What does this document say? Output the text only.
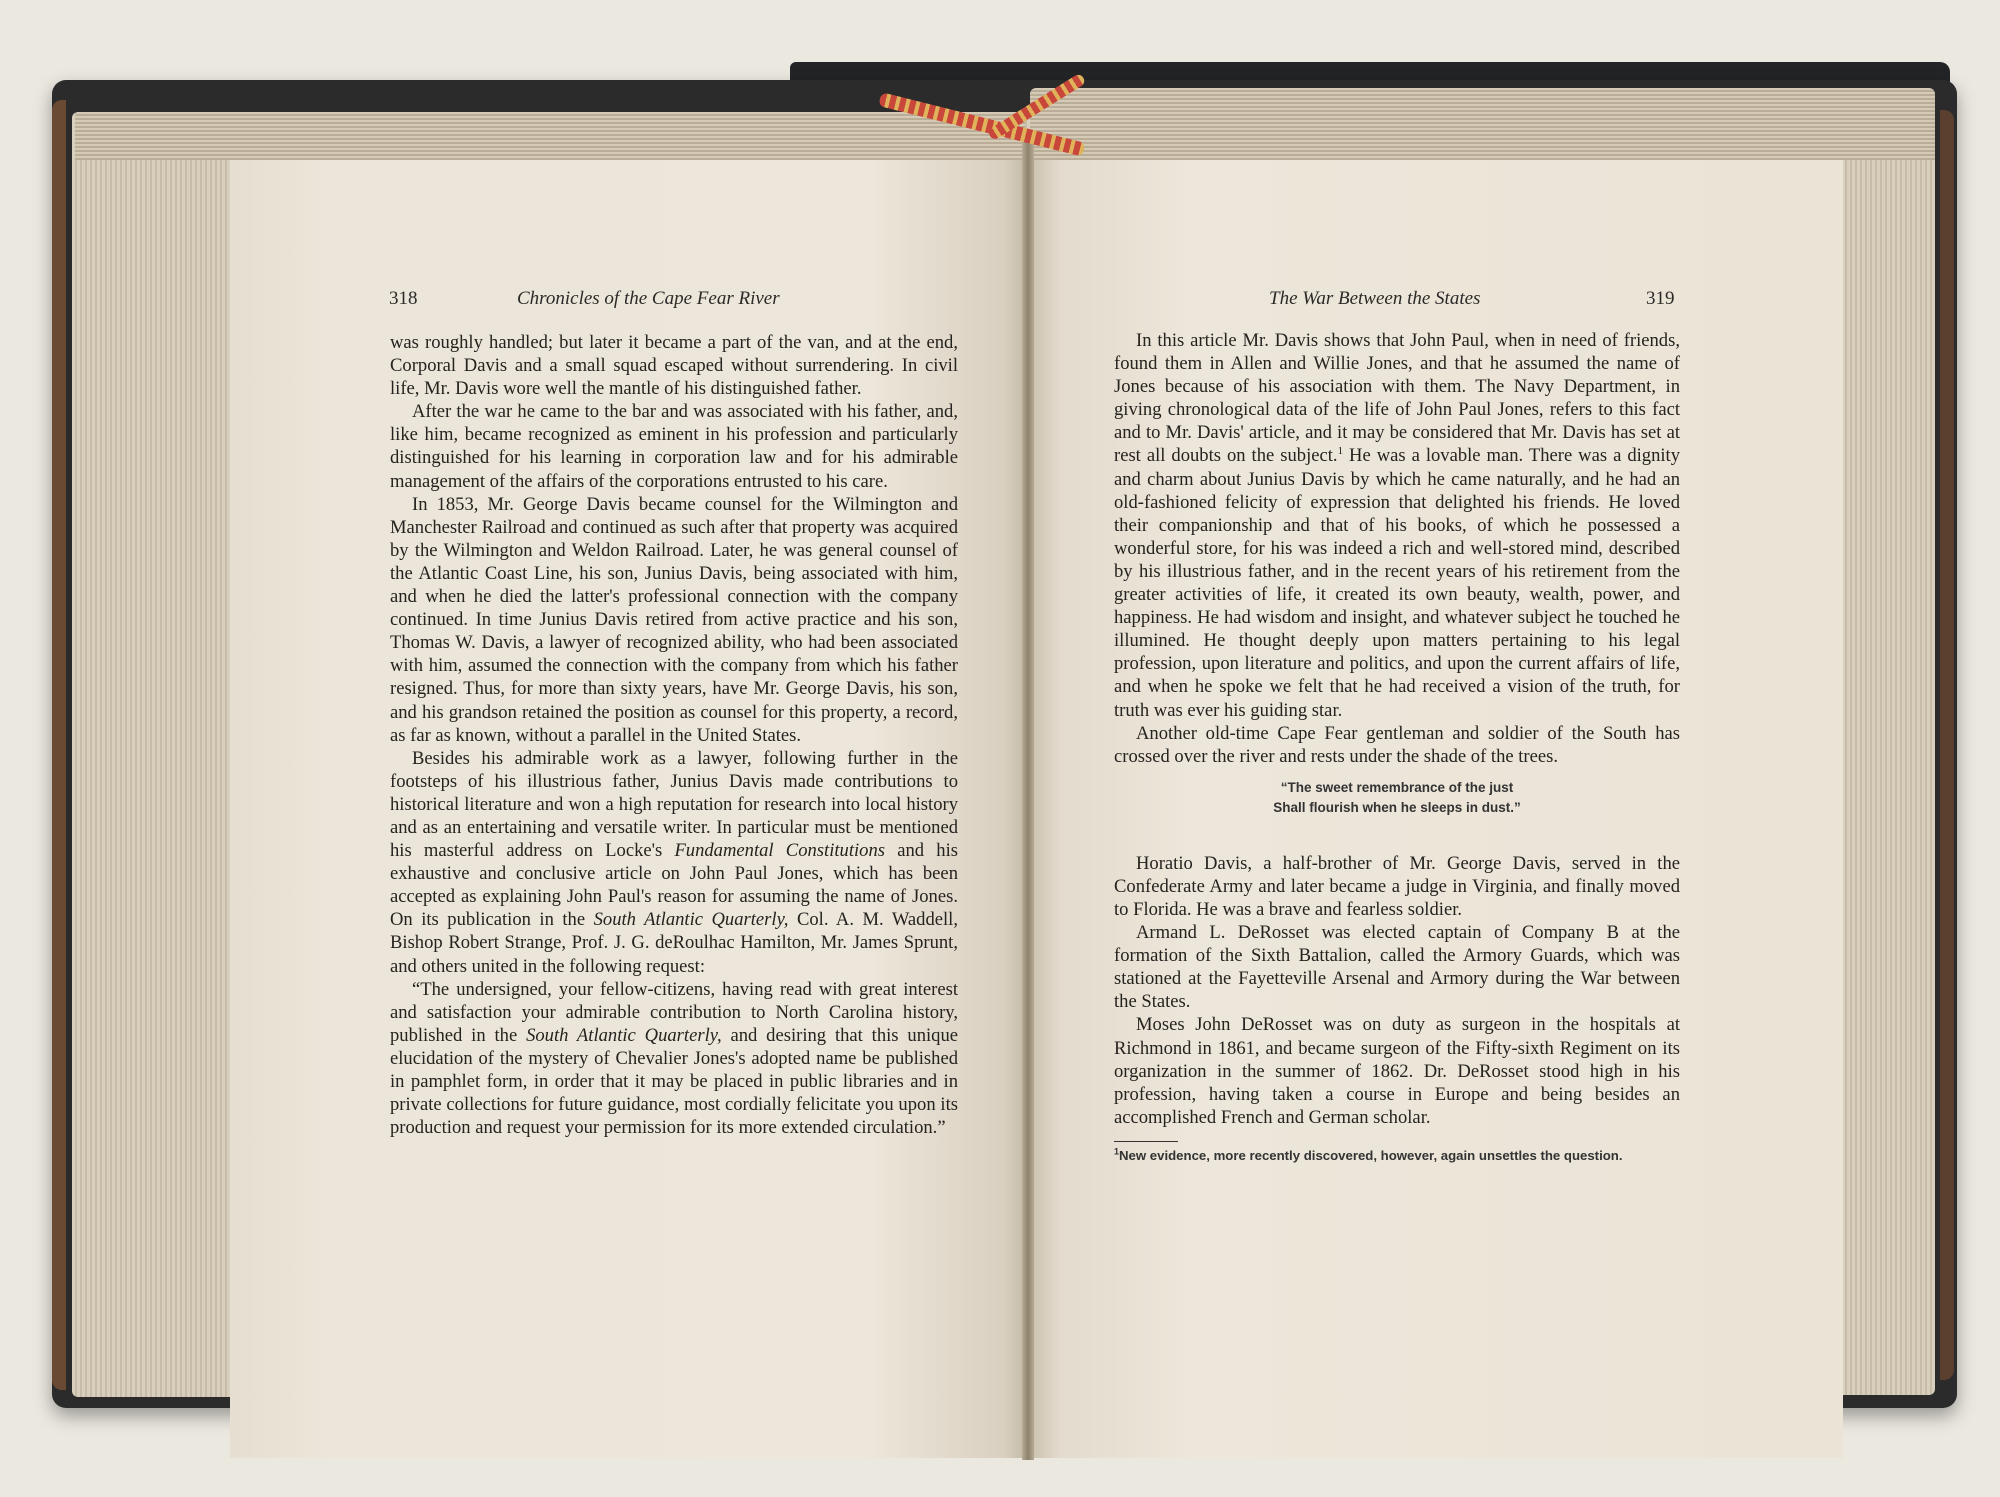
318	Chronicles of the Cape Fear River	The War Between the States	319

was roughly handled; but later it became a part of the van, and at the end, Corporal Davis and a small squad escaped without surrendering. In civil life, Mr. Davis wore well the mantle of his distinguished father.

After the war he came to the bar and was associated with his father, and, like him, became recognized as eminent in his profession and particularly distinguished for his learning in corporation law and for his admirable management of the affairs of the corporations entrusted to his care.

In 1853, Mr. George Davis became counsel for the Wilmington and Manchester Railroad and continued as such after that property was acquired by the Wilmington and Weldon Railroad. Later, he was general counsel of the Atlantic Coast Line, his son, Junius Davis, being associated with him, and when he died the latter's professional connection with the company continued. In time Junius Davis retired from active practice and his son, Thomas W. Davis, a lawyer of recognized ability, who had been associated with him, assumed the connection with the company from which his father resigned. Thus, for more than sixty years, have Mr. George Davis, his son, and his grandson retained the position as counsel for this property, a record, as far as known, without a parallel in the United States.

Besides his admirable work as a lawyer, following further in the footsteps of his illustrious father, Junius Davis made contributions to historical literature and won a high reputation for research into local history and as an entertaining and versatile writer. In particular must be mentioned his masterful address on Locke's Fundamental Constitutions and his exhaustive and conclusive article on John Paul Jones, which has been accepted as explaining John Paul's reason for assuming the name of Jones. On its publication in the South Atlantic Quarterly, Col. A. M. Waddell, Bishop Robert Strange, Prof. J. G. deRoulhac Hamilton, Mr. James Sprunt, and others united in the following request:

“The undersigned, your fellow-citizens, having read with great interest and satisfaction your admirable contribution to North Carolina history, published in the South Atlantic Quarterly, and desiring that this unique elucidation of the mystery of Chevalier Jones's adopted name be published in pamphlet form, in order that it may be placed in public libraries and in private collections for future guidance, most cordially felicitate you upon its production and request your permission for its more extended circulation.”

In this article Mr. Davis shows that John Paul, when in need of friends, found them in Allen and Willie Jones, and that he assumed the name of Jones because of his association with them. The Navy Department, in giving chronological data of the life of John Paul Jones, refers to this fact and to Mr. Davis' article, and it may be considered that Mr. Davis has set at rest all doubts on the subject.$^1$ He was a lovable man. There was a dignity and charm about Junius Davis by which he came naturally, and he had an old-fashioned felicity of expression that delighted his friends. He loved their companionship and that of his books, of which he possessed a wonderful store, for his was indeed a rich and well-stored mind, described by his illustrious father, and in the recent years of his retirement from the greater activities of life, it created its own beauty, wealth, power, and happiness. He had wisdom and insight, and whatever subject he touched he illumined. He thought deeply upon matters pertaining to his legal profession, upon literature and politics, and upon the current affairs of life, and when he spoke we felt that he had received a vision of the truth, for truth was ever his guiding star.

Another old-time Cape Fear gentleman and soldier of the South has crossed over the river and rests under the shade of the trees.

“The sweet remembrance of the just
Shall flourish when he sleeps in dust.”

Horatio Davis, a half-brother of Mr. George Davis, served in the Confederate Army and later became a judge in Virginia, and finally moved to Florida. He was a brave and fearless soldier.

Armand L. DeRosset was elected captain of Company B at the formation of the Sixth Battalion, called the Armory Guards, which was stationed at the Fayetteville Arsenal and Armory during the War between the States.

Moses John DeRosset was on duty as surgeon in the hospitals at Richmond in 1861, and became surgeon of the Fifty-sixth Regiment on its organization in the summer of 1862. Dr. DeRosset stood high in his profession, having taken a course in Europe and being besides an accomplished French and German scholar.

$^1$New evidence, more recently discovered, however, again unsettles the question.
